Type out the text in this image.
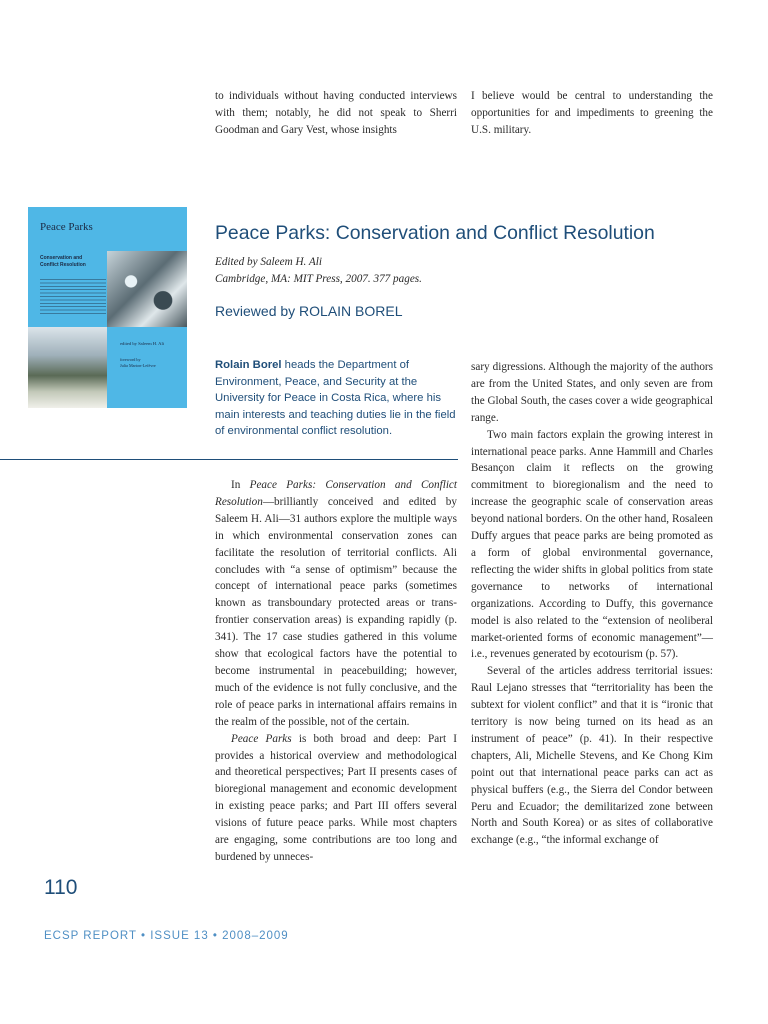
to individuals without having conducted interviews with them; notably, he did not speak to Sherri Goodman and Gary Vest, whose insights

I believe would be central to understanding the opportunities for and impediments to greening the U.S. military.

Peace Parks
Conservation and Conflict Resolution
edited by Saleem H. Ali
foreword by
Julia Marton-Lefèvre
Peace Parks: Conservation and Conflict Resolution
Edited by Saleem H. Ali
Cambridge, MA: MIT Press, 2007. 377 pages.
Reviewed by ROLAIN BOREL
Rolain Borel heads the Department of Environment, Peace, and Security at the University for Peace in Costa Rica, where his main interests and teaching duties lie in the field of environmental conflict resolution.

In Peace Parks: Conservation and Conflict Resolution—brilliantly conceived and edited by Saleem H. Ali—31 authors explore the multiple ways in which environmental conservation zones can facilitate the resolution of territorial conflicts. Ali concludes with “a sense of optimism” because the concept of international peace parks (sometimes known as transboundary protected areas or trans-frontier conservation areas) is expanding rapidly (p. 341). The 17 case studies gathered in this volume show that ecological factors have the potential to become instrumental in peacebuilding; however, much of the evidence is not fully conclusive, and the role of peace parks in international affairs remains in the realm of the possible, not of the certain.

Peace Parks is both broad and deep: Part I provides a historical overview and methodological and theoretical perspectives; Part II presents cases of bioregional management and economic development in existing peace parks; and Part III offers several visions of future peace parks. While most chapters are engaging, some contributions are too long and burdened by unneces-

sary digressions. Although the majority of the authors are from the United States, and only seven are from the Global South, the cases cover a wide geographical range.

Two main factors explain the growing interest in international peace parks. Anne Hammill and Charles Besançon claim it reflects on the growing commitment to bioregionalism and the need to increase the geographic scale of conservation areas beyond national borders. On the other hand, Rosaleen Duffy argues that peace parks are being promoted as a form of global environmental governance, reflecting the wider shifts in global politics from state governance to networks of international organizations. According to Duffy, this governance model is also related to the “extension of neoliberal market-oriented forms of economic management”—i.e., revenues generated by ecotourism (p. 57).

Several of the articles address territorial issues: Raul Lejano stresses that “territoriality has been the subtext for violent conflict” and that it is “ironic that territory is now being turned on its head as an instrument of peace” (p. 41). In their respective chapters, Ali, Michelle Stevens, and Ke Chong Kim point out that international peace parks can act as physical buffers (e.g., the Sierra del Condor between Peru and Ecuador; the demilitarized zone between North and South Korea) or as sites of collaborative exchange (e.g., “the informal exchange of

110
ECSP REPORT • ISSUE 13 • 2008–2009
